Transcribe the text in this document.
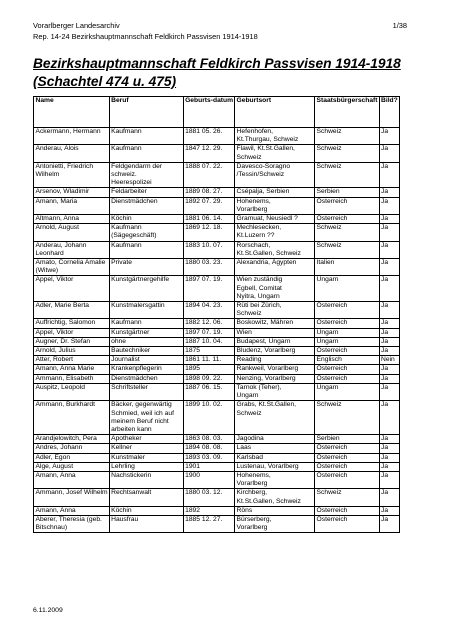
Vorarlberger Landesarchiv	1/38
Rep. 14-24 Bezirkshauptmannschaft Feldkirch Passvisen 1914-1918
Bezirkshauptmannschaft Feldkirch Passvisen 1914-1918 (Schachtel 474 u. 475)
Name	Beruf	Geburts-datum	Geburtsort	Staatsbürgerschaft	Bild?

Ackermann, Hermann	Kaufmann	1881 05. 26.	Hefenhofen,
Kt.Thurgau, Schweiz	Schweiz	Ja

Anderau, Alois	Kaufmann	1847 12. 29.	Flawil, Kt.St.Gallen,
Schweiz	Schweiz	Ja

Antonietti, Friedrich
Wilhelm	Feldgendarm der
schweiz.
Heerespolizei	1888 07. 22.	Davesco-Soragno
/Tessin/Schweiz	Schweiz	Ja

Arsenov, Wladimir	Feldarbeiter	1889 08. 27.	Csépalja, Serbien	Serbien	Ja

Amann, Maria	Dienstmädchen	1892 07. 29.	Hohenems,
Vorarlberg	Österreich	Ja

Altmann, Anna	Köchin	1881 06. 14.	Gramuat, Neusiedl ?	Österreich	Ja

Arnold, August	Kaufmann
(Sägegeschäft)	1869 12. 18.	Mechlesecken,
Kt.Luzern ??	Schweiz	Ja

Anderau, Johann
Leonhard	Kaufmann	1883 10. 07.	Rorschach,
Kt.St.Gallen, Schweiz	Schweiz	Ja

Amato, Cornelia Amalie
(Witwe)	Private	1880 03. 23.	Alexandria, Ägypten	Italien	Ja

Appel, Viktor	Kunstgärtnergehilfe	1897 07. 19.	Wien zuständig
Egbell, Comitat
Nyitra, Ungarn	Ungarn	Ja

Adler, Marie Berta	Kunstmalersgattin	1894 04. 23.	Rüti bei Zürich,
Schweiz	Österreich	Ja

Auffrichtig, Salomon	Kaufmann	1882 12. 06.	Boskowitz, Mähren	Österreich	Ja

Appel, Viktor	Kunstgärtner	1897 07. 19.	Wien	Ungarn	Ja

Augner, Dr. Stefan	ohne	1887 10. 04.	Budapest, Ungarn	Ungarn	Ja

Arnold, Julius	Bautechniker	1875	Bludenz, Vorarlberg	Österreich	Ja

Atter, Robert	Journalist	1861 11. 11.	Reading	Englisch	Nein

Amann, Anna Marie	Krankenpflegerin	1895	Rankweil, Vorarlberg	Österreich	Ja

Ammann, Elisabeth	Dienstmädchen	1898 09. 22.	Nenzing, Vorarlberg	Österreich	Ja

Auspitz, Leopold	Schriftsteller	1887 06. 15.	Tarnok (Teher),
Ungarn	Ungarn	Ja

Ammann, Burkhardt	Bäcker, gegenwärtig
Schmied, weil ich auf
meinem Beruf nicht
arbeiten kann	1899 10. 02.	Grabs, Kt.St.Gallen,
Schweiz	Schweiz	Ja

Arandjelowitch, Pera	Apotheker	1863 08. 03.	Jagodina	Serbien	Ja

Andres, Johann	Kellner	1894 08. 08.	Laas	Österreich	Ja

Adler, Egon	Kunstmaler	1893 03. 09.	Karlsbad	Österreich	Ja

Alge, August	Lehrling	1901	Lustenau, Vorarlberg	Österreich	Ja

Amann, Anna	Nachstickerin	1900	Hohenems,
Vorarlberg	Österreich	Ja

Ammann, Josef Wilhelm	Rechtsanwalt	1880 03. 12.	Kirchberg,
Kt.St.Gallen, Schweiz	Schweiz	Ja

Amann, Anna	Köchin	1892	Röns	Österreich	Ja

Aberer, Theresia (geb.
Bitschnau)	Hausfrau	1885 12. 27.	Bürserberg,
Vorarlberg	Österreich	Ja
6.11.2009
